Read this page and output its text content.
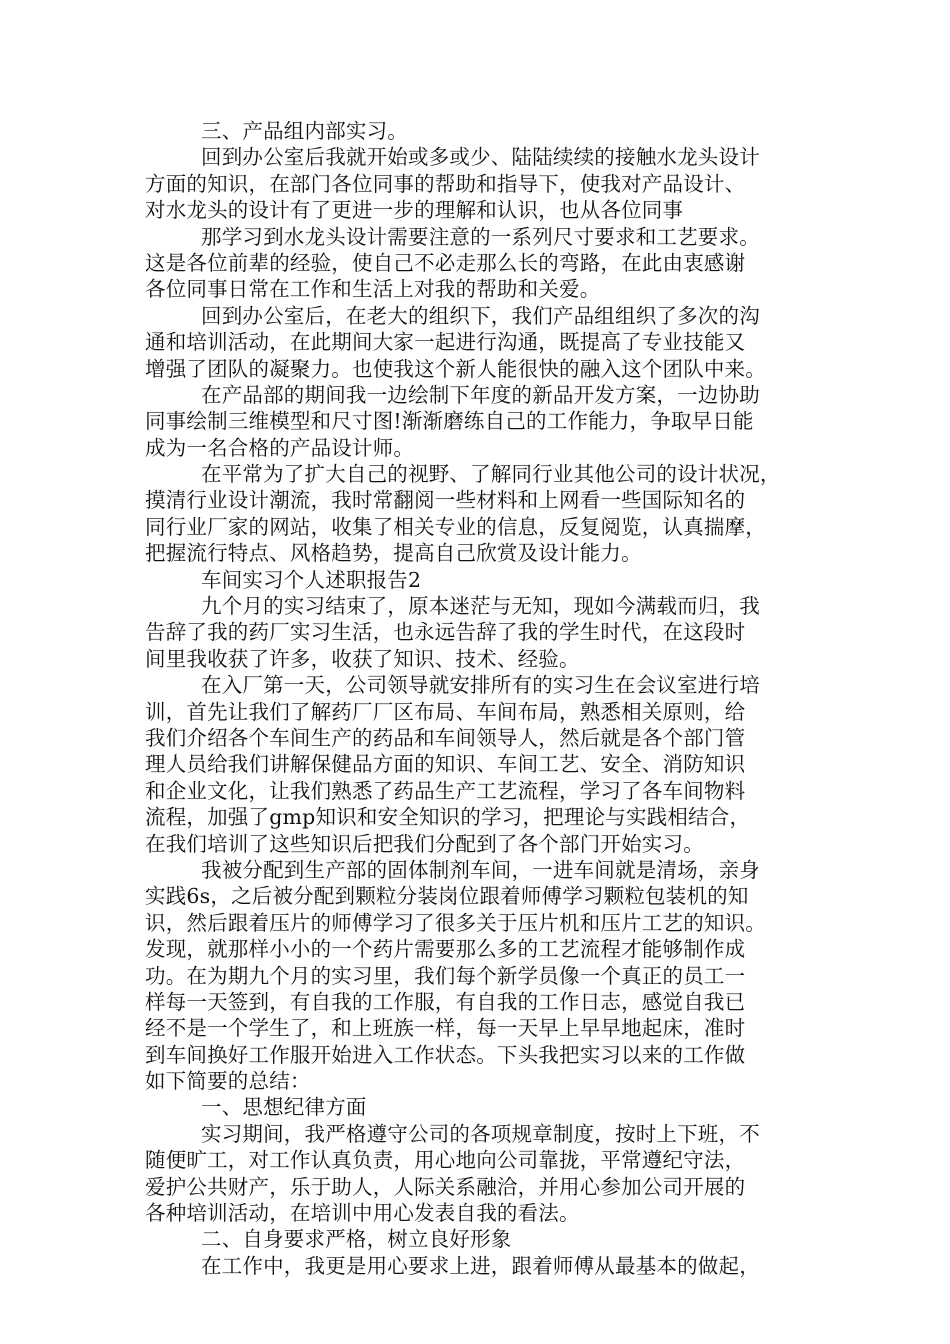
三、产品组内部实习。
回到办公室后我就开始或多或少、陆陆续续的接触水龙头设计
方面的知识，在部门各位同事的帮助和指导下，使我对产品设计、
对水龙头的设计有了更进一步的理解和认识，也从各位同事
那学习到水龙头设计需要注意的一系列尺寸要求和工艺要求。
这是各位前辈的经验，使自己不必走那么长的弯路，在此由衷感谢
各位同事日常在工作和生活上对我的帮助和关爱。
回到办公室后，在老大的组织下，我们产品组组织了多次的沟
通和培训活动，在此期间大家一起进行沟通，既提高了专业技能又
增强了团队的凝聚力。也使我这个新人能很快的融入这个团队中来。
在产品部的期间我一边绘制下年度的新品开发方案，一边协助
同事绘制三维模型和尺寸图!渐渐磨练自己的工作能力，争取早日能
成为一名合格的产品设计师。
在平常为了扩大自己的视野、了解同行业其他公司的设计状况，
摸清行业设计潮流，我时常翻阅一些材料和上网看一些国际知名的
同行业厂家的网站，收集了相关专业的信息，反复阅览，认真揣摩，
把握流行特点、风格趋势，提高自己欣赏及设计能力。
车间实习个人述职报告2
九个月的实习结束了，原本迷茫与无知，现如今满载而归，我
告辞了我的药厂实习生活，也永远告辞了我的学生时代，在这段时
间里我收获了许多，收获了知识、技术、经验。
在入厂第一天，公司领导就安排所有的实习生在会议室进行培
训，首先让我们了解药厂厂区布局、车间布局，熟悉相关原则，给
我们介绍各个车间生产的药品和车间领导人，然后就是各个部门管
理人员给我们讲解保健品方面的知识、车间工艺、安全、消防知识
和企业文化，让我们熟悉了药品生产工艺流程，学习了各车间物料
流程，加强了gmp知识和安全知识的学习，把理论与实践相结合，
在我们培训了这些知识后把我们分配到了各个部门开始实习。
我被分配到生产部的固体制剂车间，一进车间就是清场，亲身
实践6s，之后被分配到颗粒分装岗位跟着师傅学习颗粒包装机的知
识，然后跟着压片的师傅学习了很多关于压片机和压片工艺的知识。
发现，就那样小小的一个药片需要那么多的工艺流程才能够制作成
功。在为期九个月的实习里，我们每个新学员像一个真正的员工一
样每一天签到，有自我的工作服，有自我的工作日志，感觉自我已
经不是一个学生了，和上班族一样，每一天早上早早地起床，准时
到车间换好工作服开始进入工作状态。下头我把实习以来的工作做
如下简要的总结：
一、思想纪律方面
实习期间，我严格遵守公司的各项规章制度，按时上下班，不
随便旷工，对工作认真负责，用心地向公司靠拢，平常遵纪守法，
爱护公共财产，乐于助人，人际关系融洽，并用心参加公司开展的
各种培训活动，在培训中用心发表自我的看法。
二、自身要求严格，树立良好形象
在工作中，我更是用心要求上进，跟着师傅从最基本的做起，
